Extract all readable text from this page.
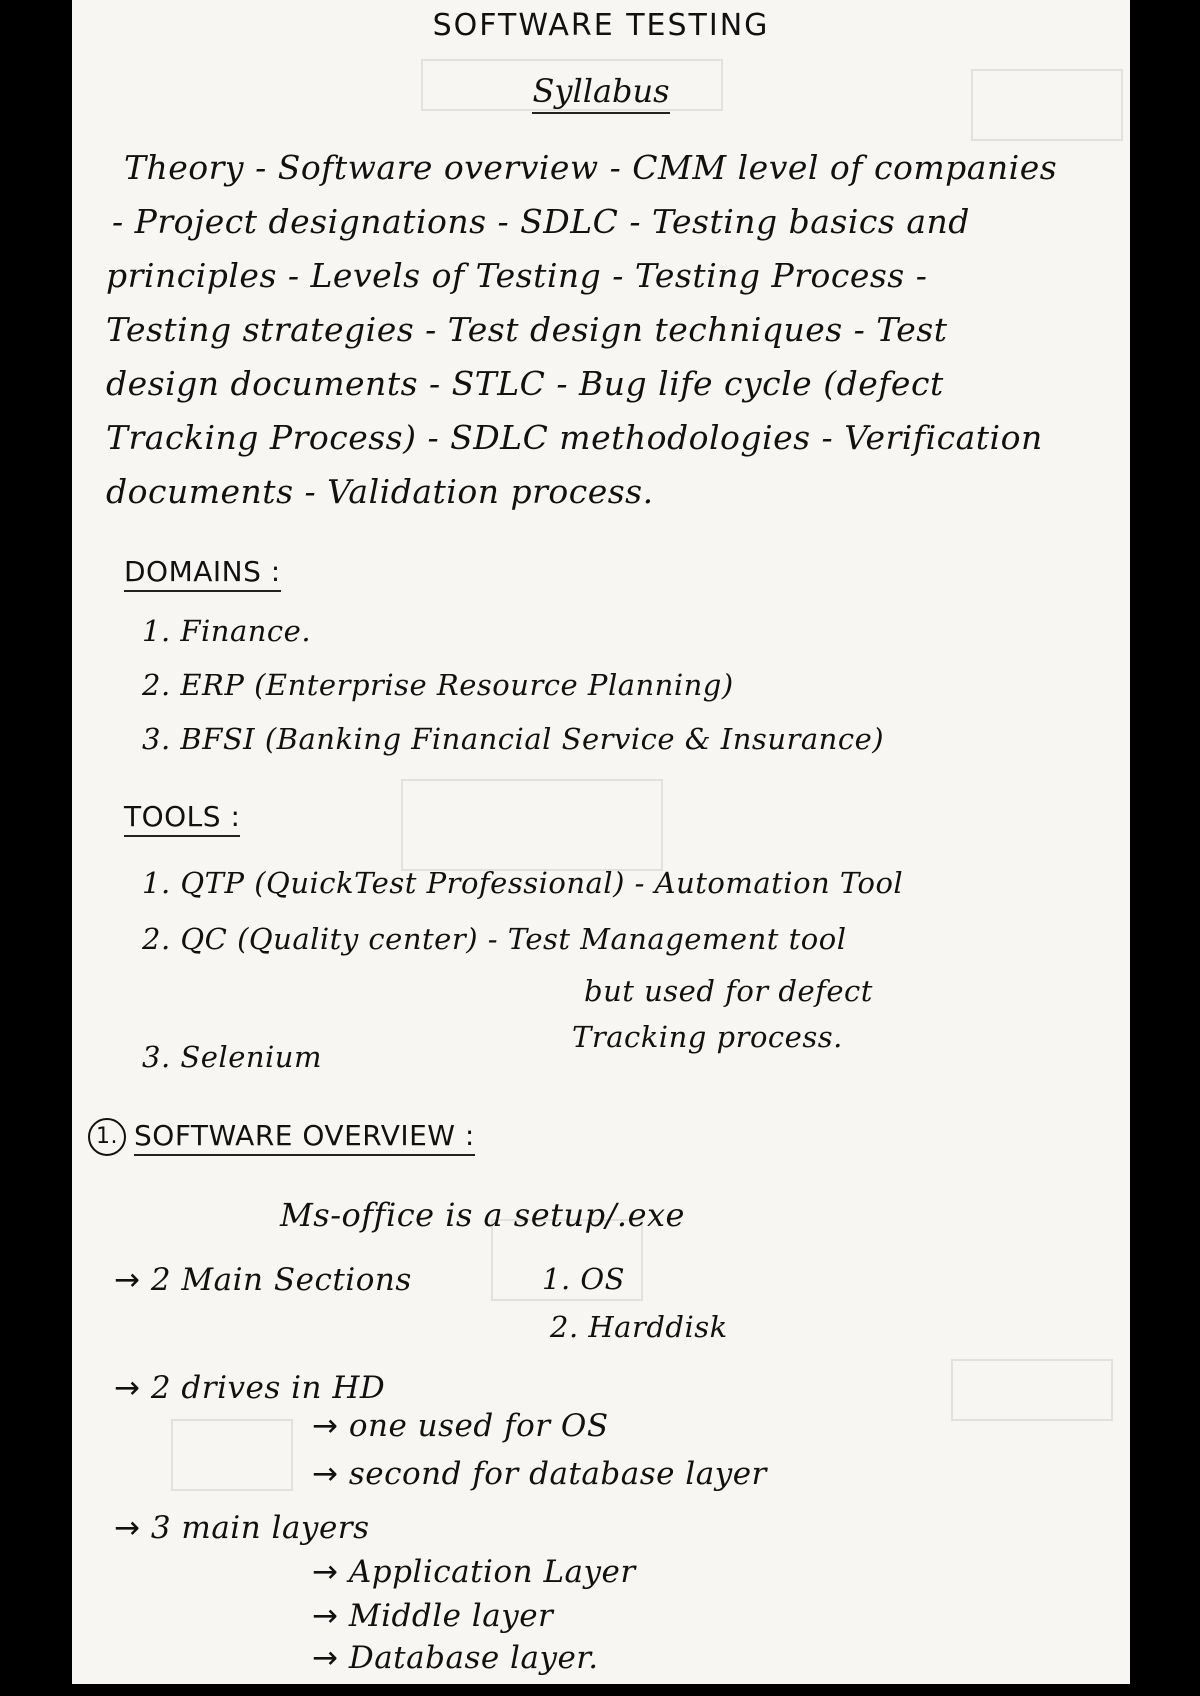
SOFTWARE TESTING
Syllabus
Theory - Software overview - CMM level of companies
- Project designations - SDLC - Testing basics and
principles - Levels of Testing - Testing Process -
Testing strategies - Test design techniques - Test
design documents - STLC - Bug life cycle (defect
Tracking Process) - SDLC methodologies - Verification
documents - Validation process.
DOMAINS :
1. Finance.
2. ERP (Enterprise Resource Planning)
3. BFSI (Banking Financial Service & Insurance)
TOOLS :
1. QTP (QuickTest Professional) - Automation Tool
2. QC (Quality center) - Test Management tool
but used for defect
Tracking process.
3. Selenium
1. SOFTWARE OVERVIEW :
Ms-office is a setup/.exe
→ 2 Main Sections	1. OS
2. Harddisk
→ 2 drives in HD
→ one used for OS
→ second for database layer
→ 3 main layers
→ Application Layer
→ Middle layer
→ Database layer.
